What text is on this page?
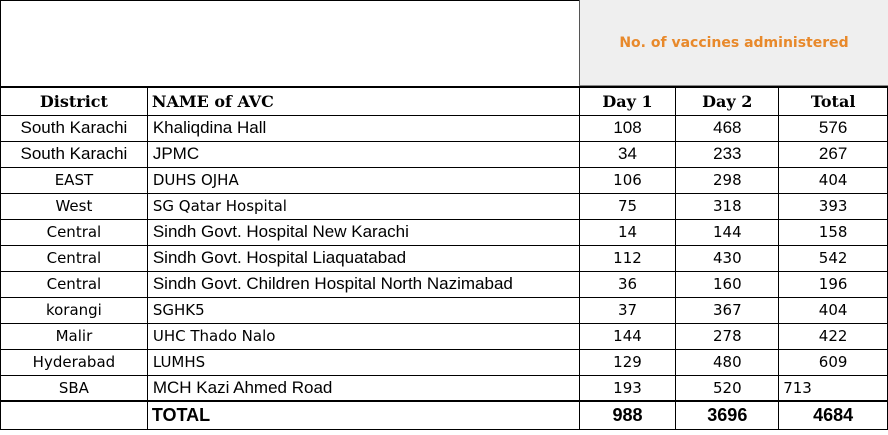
No. of vaccines administered
District	NAME of AVC	Day 1	Day 2	Total
South Karachi	Khaliqdina Hall	108	468	576
South Karachi	JPMC	34	233	267
EAST	DUHS OJHA	106	298	404
West	SG Qatar Hospital	75	318	393
Central	Sindh Govt. Hospital New Karachi	14	144	158
Central	Sindh Govt. Hospital Liaquatabad	112	430	542
Central	Sindh Govt. Children Hospital North Nazimabad	36	160	196
korangi	SGHK5	37	367	404
Malir	UHC Thado Nalo	144	278	422
Hyderabad	LUMHS	129	480	609
SBA	MCH Kazi Ahmed Road	193	520	713
	TOTAL	988	3696	4684
